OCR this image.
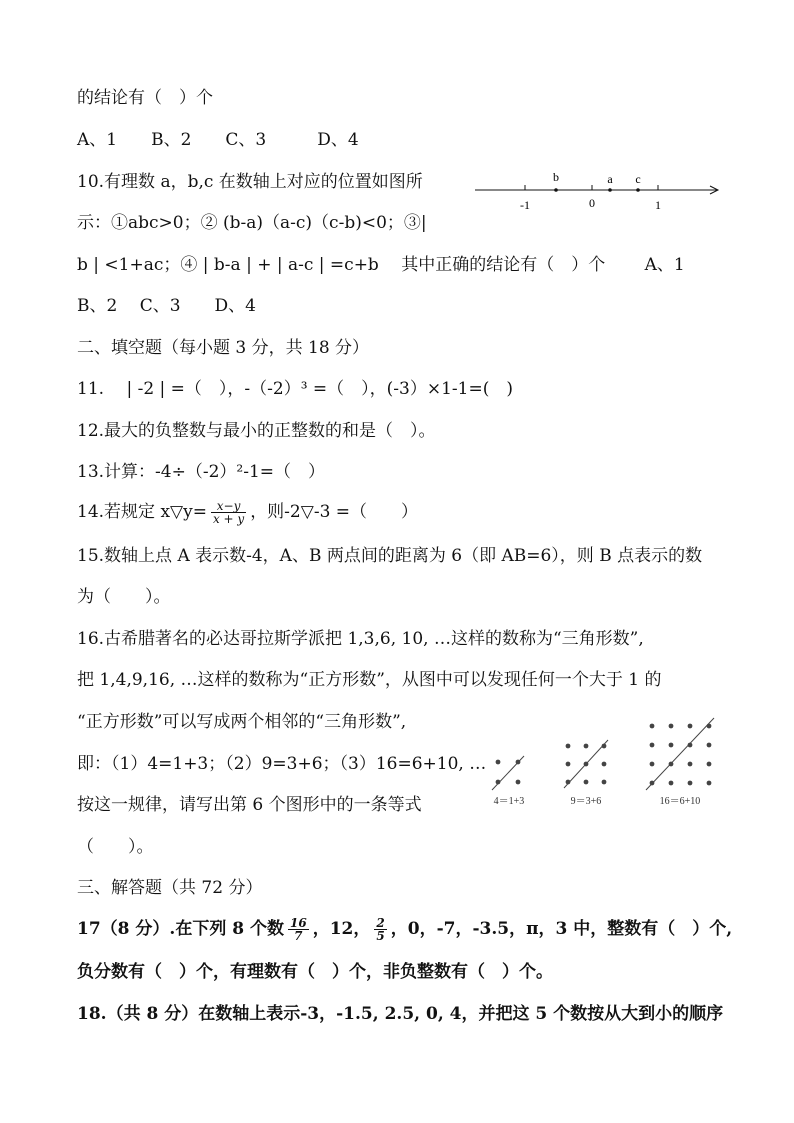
的结论有（　）个
A、1　　B、2　　C、3　　　D、4
10.有理数 a，b,c 在数轴上对应的位置如图所
示：①abc>0；② (b-a)（a-c)（c-b)<0；③|
b | <1+ac；④ | b-a | + | a-c | =c+b　 其中正确的结论有（　）个　　 A、1
B、2　 C、3　　D、4
二、填空题（每小题 3 分，共 18 分）
11.　 | -2 | =（　），-（-2）³ =（　），(-3）×1-1=(　)
12.最大的负整数与最小的正整数的和是（　）。
13.计算：-4÷（-2）²-1=（　）
14.若规定 x▽y= $\frac{x-y}{x + y}$ ，则-2▽-3 =（　　）
15.数轴上点 A 表示数-4，A、B 两点间的距离为 6（即 AB=6），则 B 点表示的数
为（　　）。
16.古希腊著名的必达哥拉斯学派把 1,3,6, 10, …这样的数称为“三角形数”,
把 1,4,9,16, …这样的数称为“正方形数”，从图中可以发现任何一个大于 1 的
“正方形数”可以写成两个相邻的“三角形数”,
即：（1）4=1+3；（2）9=3+6；（3）16=6+10, …
按这一规律，请写出第 6 个图形中的一条等式
（　　）。
三、解答题（共 72 分）
17（8 分）.在下列 8 个数 $\frac{16}{7}$ ，12， $\frac{2}{5}$ ，0，-7，-3.5，π，3 中，整数有（　）个,
负分数有（　）个，有理数有（　）个，非负整数有（　）个。
18.（共 8 分）在数轴上表示-3，-1.5, 2.5, 0, 4，并把这 5 个数按从大到小的顺序
b	a c
-1	0	1
4＝1+3	9＝3+6	16＝6+10
